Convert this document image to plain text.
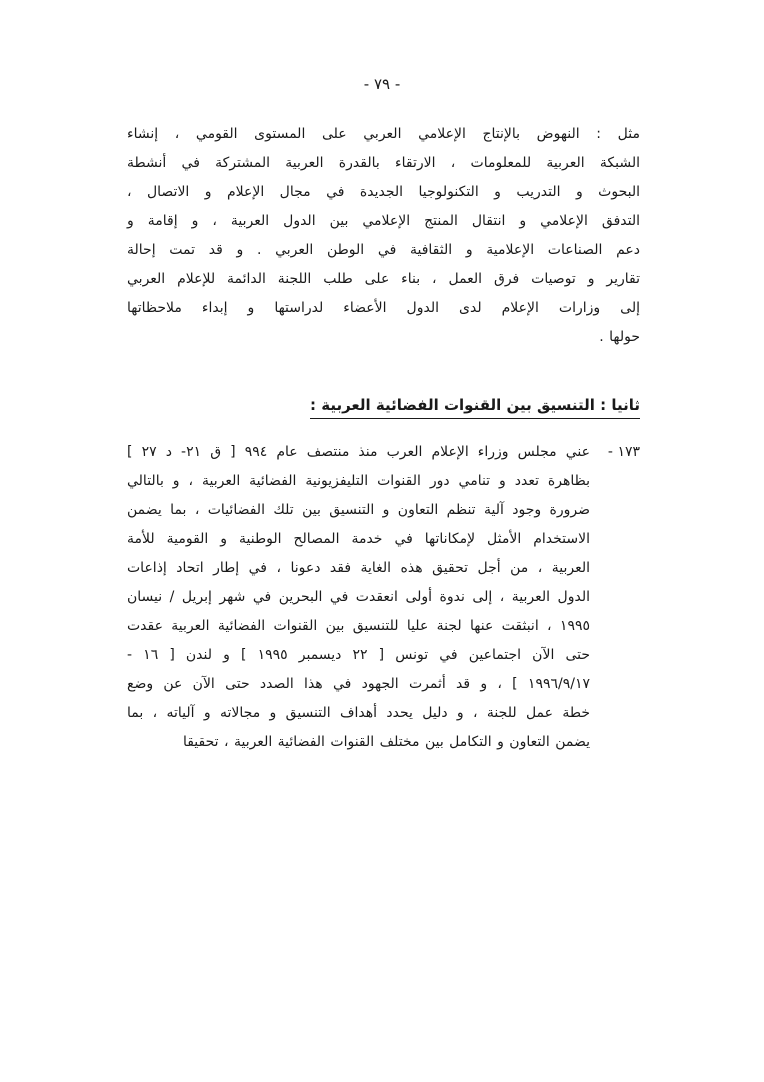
- ٧٩ -
مثل : النهوض بالإنتاج الإعلامي العربي على المستوى القومي ، إنشاء
الشبكة العربية للمعلومات ، الارتقاء بالقدرة العربية المشتركة في أنشطة
البحوث و التدريب و التكنولوجيا الجديدة في مجال الإعلام و الاتصال ،
التدفق الإعلامي و انتقال المنتج الإعلامي بين الدول العربية ، و إقامة و
دعم الصناعات الإعلامية و الثقافية في الوطن العربي . و قد تمت إحالة
تقارير و توصيات فرق العمل ، بناء على طلب اللجنة الدائمة للإعلام العربي
إلى وزارات الإعلام لدى الدول الأعضاء لدراستها و إبداء ملاحظاتها
حولها .
ثانيا : التنسيق بين القنوات الفضائية العربية :
١٧٣ -
عني مجلس وزراء الإعلام العرب منذ منتصف عام ٩٩٤ [ ق ٢١- د ٢٧ ]
بظاهرة تعدد و تنامي دور القنوات التليفزيونية الفضائية العربية ، و بالتالي
ضرورة وجود آلية تنظم التعاون و التنسيق بين تلك الفضائيات ، بما يضمن
الاستخدام الأمثل لإمكاناتها في خدمة المصالح الوطنية و القومية للأمة
العربية ، من أجل تحقيق هذه الغاية فقد دعونا ، في إطار اتحاد إذاعات
الدول العربية ، إلى ندوة أولى انعقدت في البحرين في شهر إبريل / نيسان
١٩٩٥ ، انبثقت عنها لجنة عليا للتنسيق بين القنوات الفضائية العربية عقدت
حتى الآن اجتماعين في تونس [ ٢٢ ديسمبر ١٩٩٥ ] و لندن [ ١٦ -
١٩٩٦/٩/١٧ ] ، و قد أثمرت الجهود في هذا الصدد حتى الآن عن وضع
خطة عمل للجنة ، و دليل يحدد أهداف التنسيق و مجالاته و آلياته ، بما
يضمن التعاون و التكامل بين مختلف القنوات الفضائية العربية ، تحقيقا
